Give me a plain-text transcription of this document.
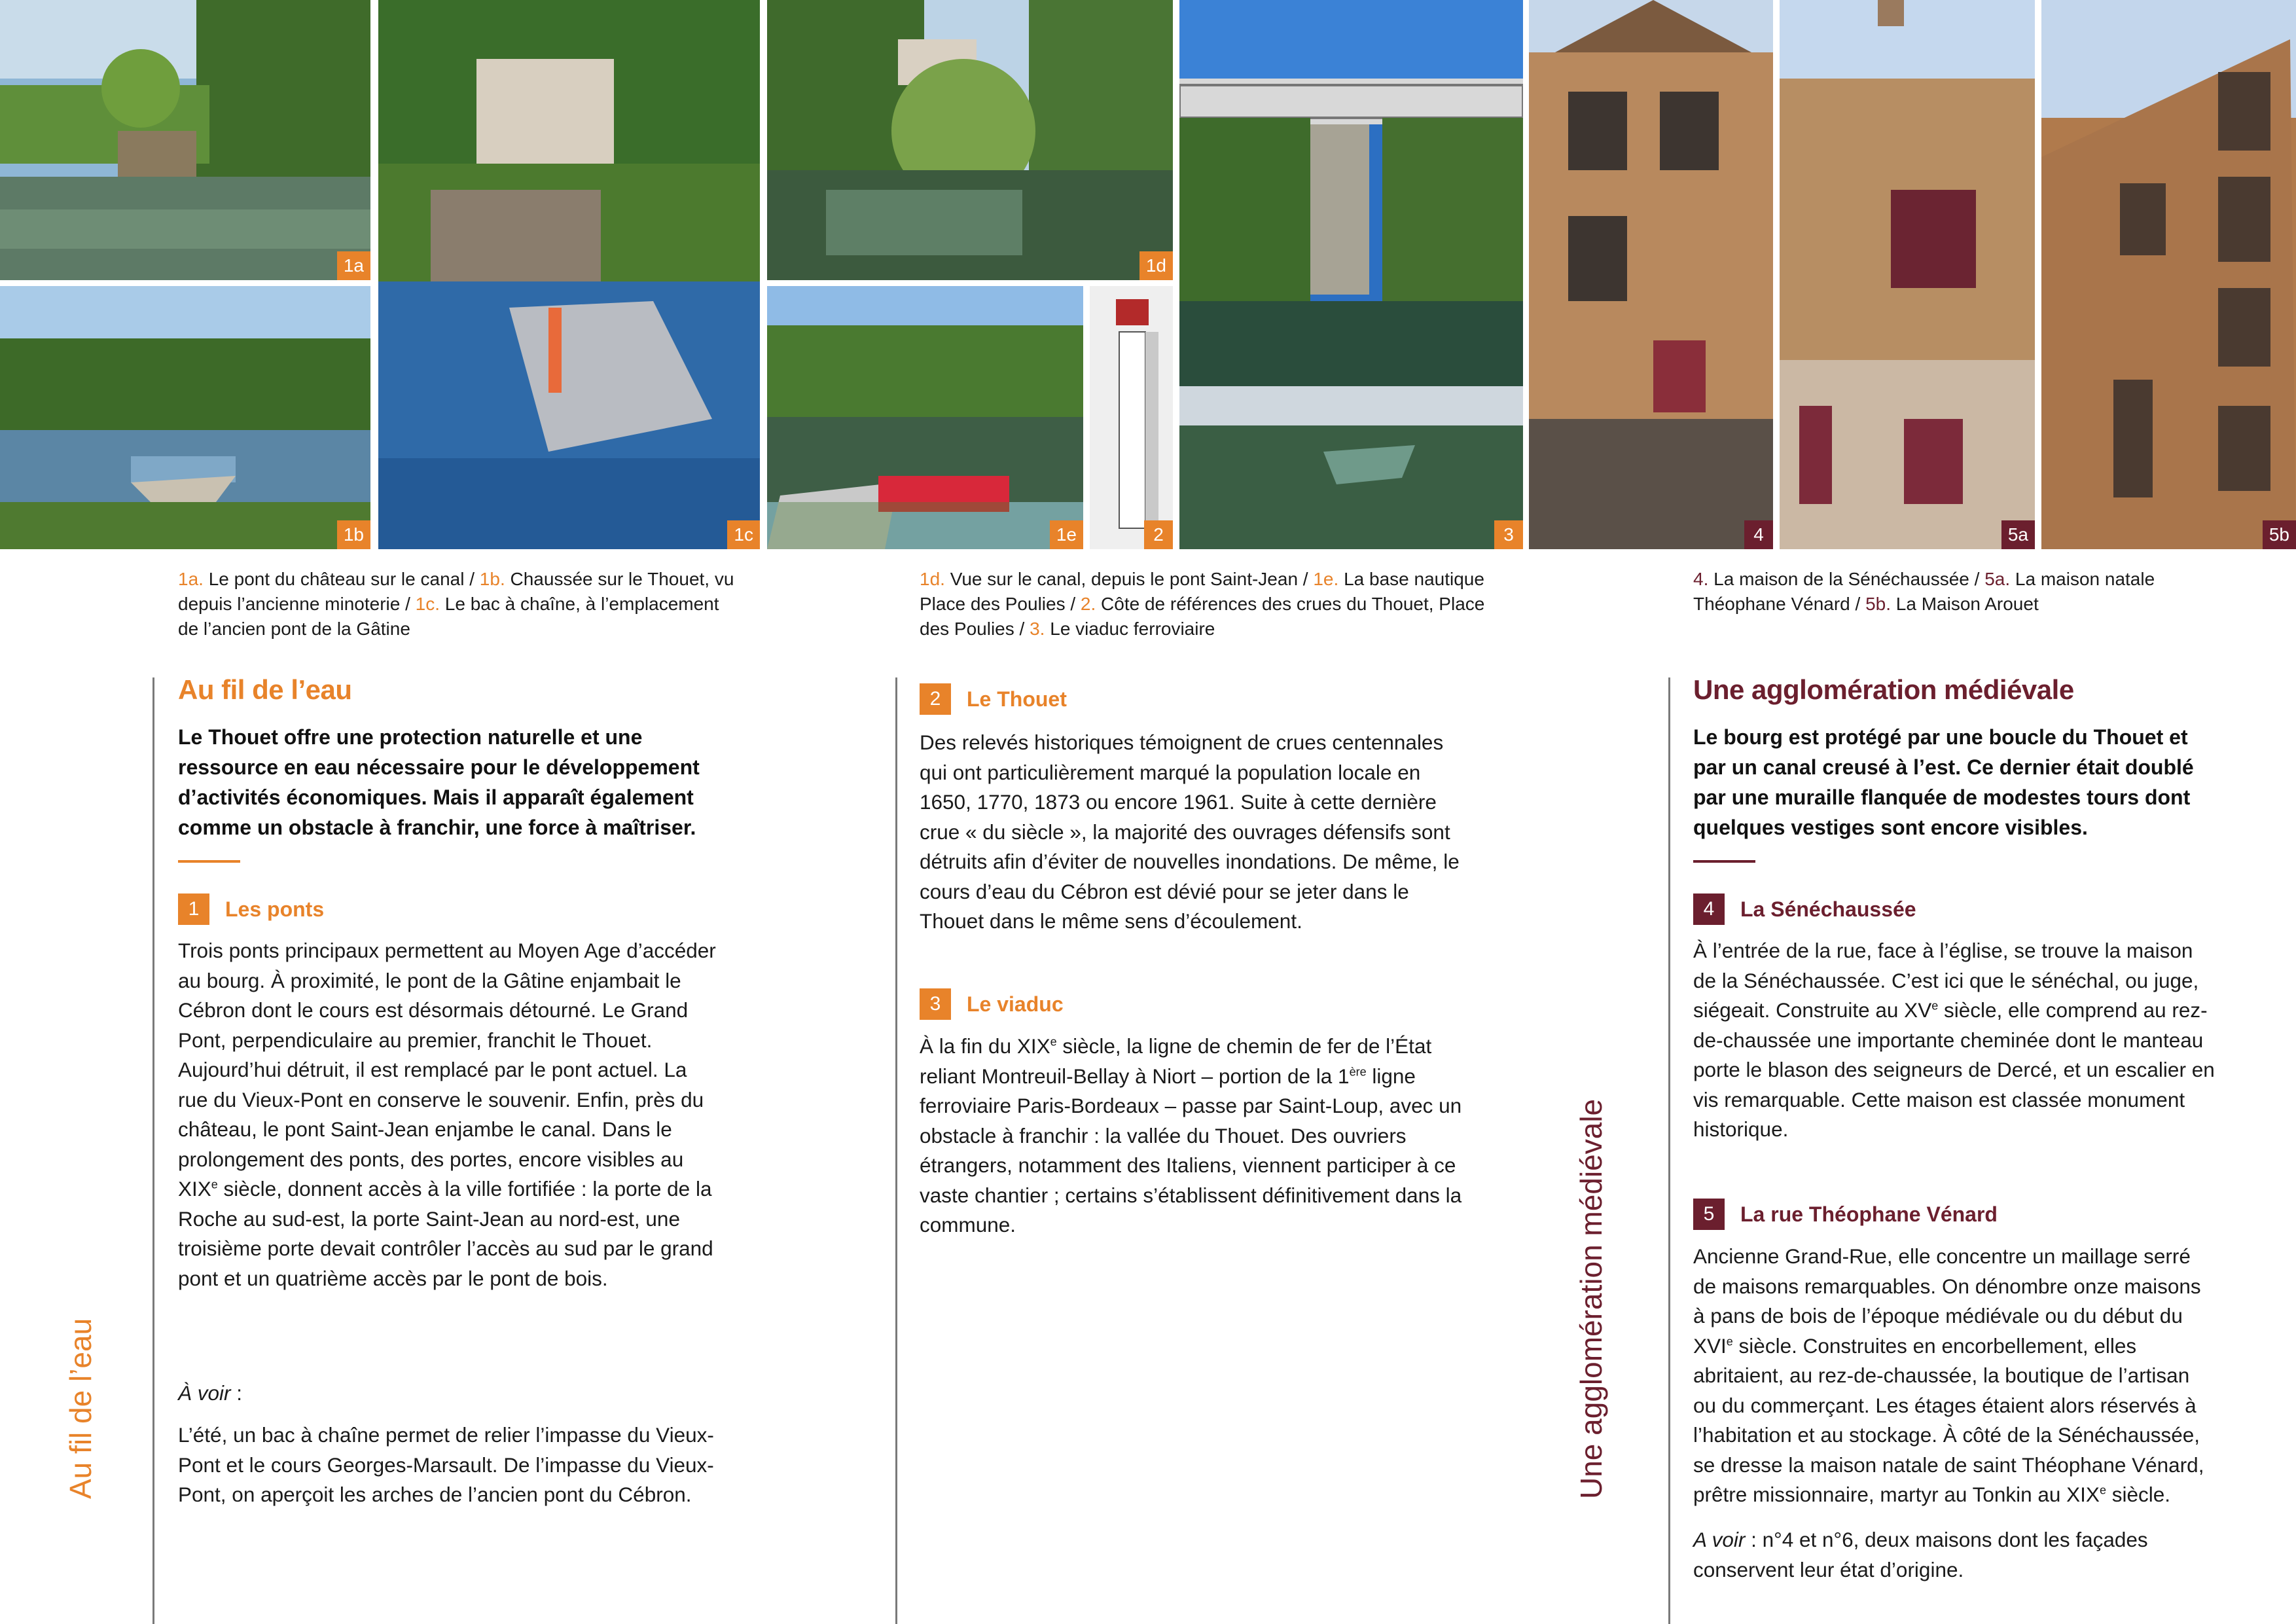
1a
1b	1c
1d
1e	2	3	4	5a	5b
1a. Le pont du château sur le canal / 1b. Chaussée sur le Thouet, vu depuis l’ancienne minoterie / 1c. Le bac à chaîne, à l’emplacement de l’ancien pont de la Gâtine
1d. Vue sur le canal, depuis le pont Saint-Jean / 1e. La base nautique Place des Poulies / 2. Côte de références des crues du Thouet, Place des Poulies / 3. Le viaduc ferroviaire
4. La maison de la Sénéchaussée / 5a. La maison natale Théophane Vénard / 5b. La Maison Arouet
Au fil de l’eau	Une agglomération médiévale
Au fil de l’eau
Le Thouet offre une protection naturelle et une ressource en eau nécessaire pour le développement d’activités économiques. Mais il apparaît également comme un obstacle à franchir, une force à maîtriser.
1	Les ponts

Trois ponts principaux permettent au Moyen Age d’accéder au bourg. À proximité, le pont de la Gâtine enjambait le Cébron dont le cours est désormais détourné. Le Grand Pont, perpendiculaire au premier, franchit le Thouet. Aujourd’hui détruit, il est remplacé par le pont actuel. La rue du Vieux-Pont en conserve le souvenir. Enfin, près du château, le pont Saint-Jean enjambe le canal. Dans le prolongement des ponts, des portes, encore visibles au XIXe siècle, donnent accès à la ville fortifiée : la porte de la Roche au sud-est, la porte Saint-Jean au nord-est, une troisième porte devait contrôler l’accès au sud par le grand pont et un quatrième accès par le pont de bois.

À voir :

L’été, un bac à chaîne permet de relier l’impasse du Vieux-Pont et le cours Georges-Marsault. De l’impasse du Vieux-Pont, on aperçoit les arches de l’ancien pont du Cébron.
2	Le Thouet
Des relevés historiques témoignent de crues centennales qui ont particulièrement marqué la population locale en 1650, 1770, 1873 ou encore 1961. Suite à cette dernière crue « du siècle », la majorité des ouvrages défensifs sont détruits afin d’éviter de nouvelles inondations. De même, le cours d’eau du Cébron est dévié pour se jeter dans le Thouet dans le même sens d’écoulement.
3	Le viaduc

À la fin du XIXe siècle, la ligne de chemin de fer de l’État reliant Montreuil-Bellay à Niort – portion de la 1ère ligne ferroviaire Paris-Bordeaux – passe par Saint-Loup, avec un obstacle à franchir : la vallée du Thouet. Des ouvriers étrangers, notamment des Italiens, viennent participer à ce vaste chantier ; certains s’établissent définitivement dans la commune.

Une agglomération médiévale
Le bourg est protégé par une boucle du Thouet et par un canal creusé à l’est. Ce dernier était doublé par une muraille flanquée de modestes tours dont quelques vestiges sont encore visibles.
4	La Sénéchaussée

À l’entrée de la rue, face à l’église, se trouve la maison de la Sénéchaussée. C’est ici que le sénéchal, ou juge, siégeait. Construite au XVe siècle, elle comprend au rez-de-chaussée une importante cheminée dont le manteau porte le blason des seigneurs de Dercé, et un escalier en vis remarquable. Cette maison est classée monument historique.

5	La rue Théophane Vénard

Ancienne Grand-Rue, elle concentre un maillage serré de maisons remarquables. On dénombre onze maisons à pans de bois de l’époque médiévale ou du début du XVIe siècle. Construites en encorbellement, elles abritaient, au rez-de-chaussée, la boutique de l’artisan ou du commerçant. Les étages étaient alors réservés à l’habitation et au stockage. À côté de la Sénéchaussée, se dresse la maison natale de saint Théophane Vénard, prêtre missionnaire, martyr au Tonkin au XIXe siècle.

A voir : n°4 et n°6, deux maisons dont les façades conservent leur état d’origine.
